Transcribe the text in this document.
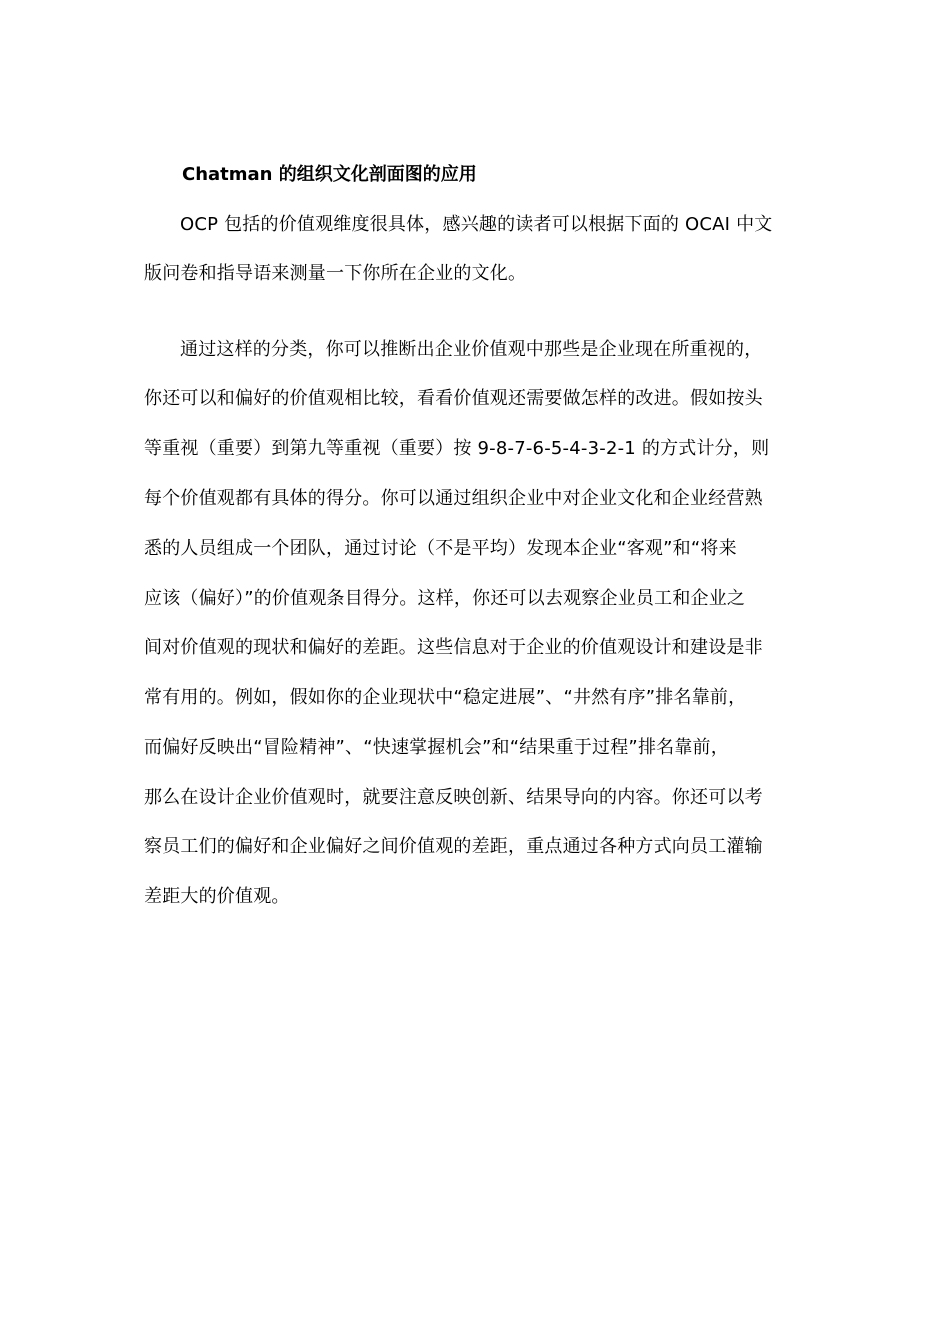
Chatman 的组织文化剖面图的应用

OCP 包括的价值观维度很具体，感兴趣的读者可以根据下面的 OCAI 中文

版问卷和指导语来测量一下你所在企业的文化。

通过这样的分类，你可以推断出企业价值观中那些是企业现在所重视的，

你还可以和偏好的价值观相比较，看看价值观还需要做怎样的改进。假如按头

等重视（重要）到第九等重视（重要）按 9-8-7-6-5-4-3-2-1 的方式计分，则

每个价值观都有具体的得分。你可以通过组织企业中对企业文化和企业经营熟

悉的人员组成一个团队，通过讨论（不是平均）发现本企业“客观”和“将来

应该（偏好）”的价值观条目得分。这样，你还可以去观察企业员工和企业之

间对价值观的现状和偏好的差距。这些信息对于企业的价值观设计和建设是非

常有用的。例如，假如你的企业现状中“稳定进展”、“井然有序”排名靠前，

而偏好反映出“冒险精神”、“快速掌握机会”和“结果重于过程”排名靠前，

那么在设计企业价值观时，就要注意反映创新、结果导向的内容。你还可以考

察员工们的偏好和企业偏好之间价值观的差距，重点通过各种方式向员工灌输

差距大的价值观。
